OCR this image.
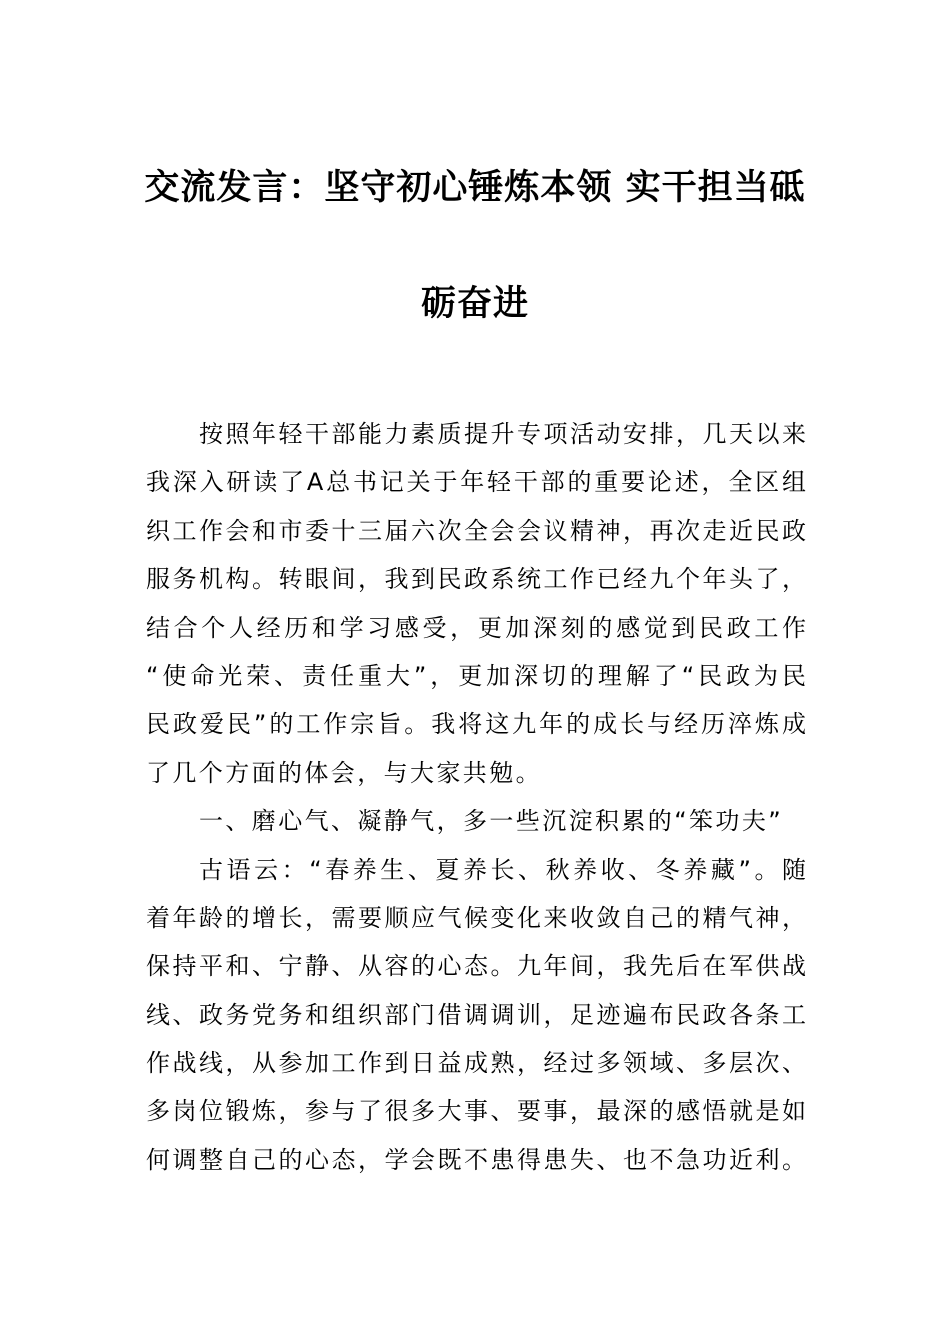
交流发言：坚守初心锤炼本领 实干担当砥
砺奋进
按照年轻干部能力素质提升专项活动安排，几天以来
我深入研读了A总书记关于年轻干部的重要论述，全区组
织工作会和市委十三届六次全会会议精神，再次走近民政
服务机构。转眼间，我到民政系统工作已经九个年头了，
结合个人经历和学习感受，更加深刻的感觉到民政工作
“使命光荣、责任重大”，更加深切的理解了“民政为民
民政爱民”的工作宗旨。我将这九年的成长与经历淬炼成
了几个方面的体会，与大家共勉。
一、磨心气、凝静气，多一些沉淀积累的“笨功夫”
古语云：“春养生、夏养长、秋养收、冬养藏”。随
着年龄的增长，需要顺应气候变化来收敛自己的精气神，
保持平和、宁静、从容的心态。九年间，我先后在军供战
线、政务党务和组织部门借调调训，足迹遍布民政各条工
作战线，从参加工作到日益成熟，经过多领域、多层次、
多岗位锻炼，参与了很多大事、要事，最深的感悟就是如
何调整自己的心态，学会既不患得患失、也不急功近利。
